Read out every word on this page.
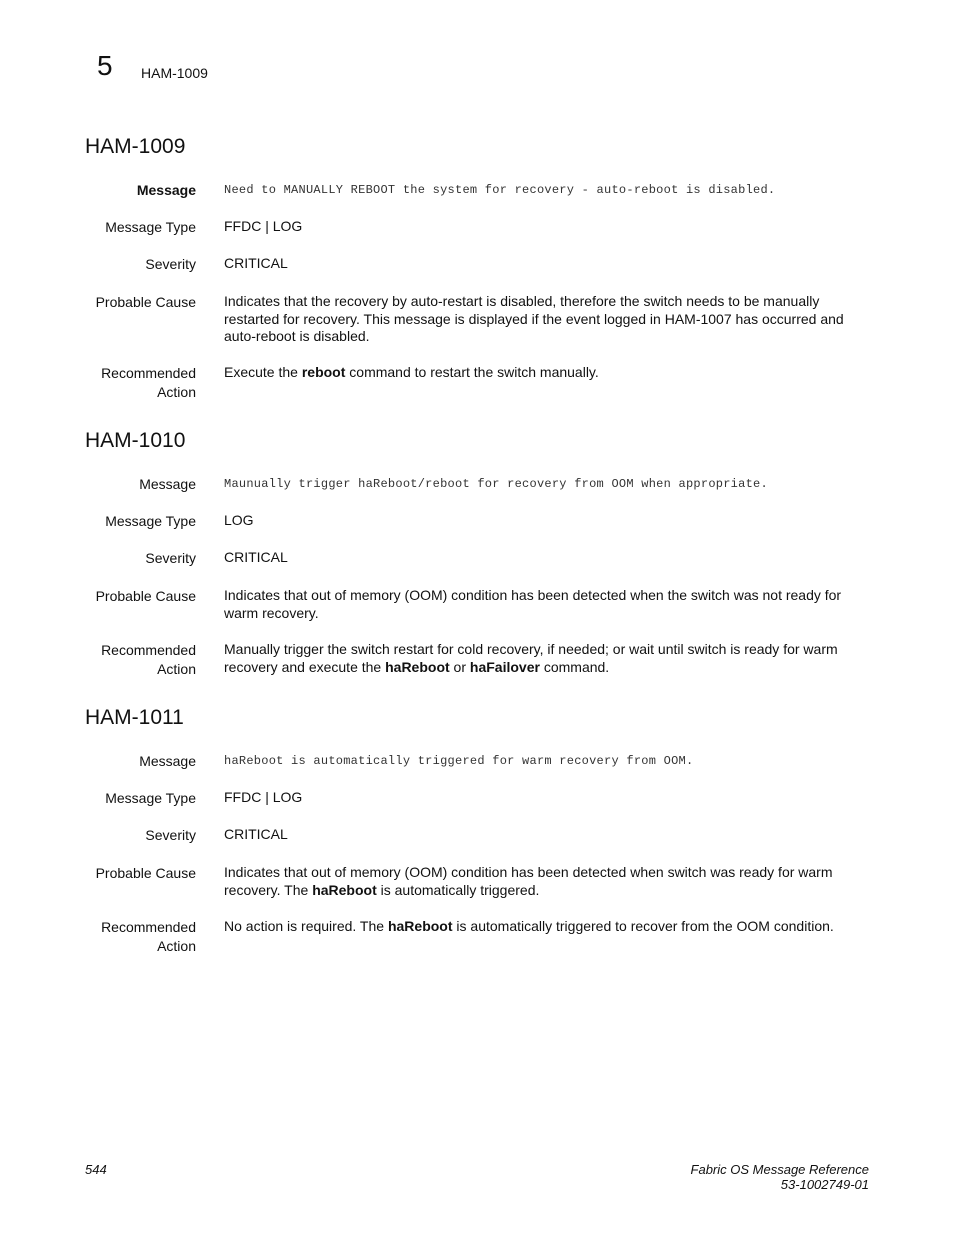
5 HAM-1009
HAM-1009
Message Need to MANUALLY REBOOT the system for recovery - auto-reboot is disabled.
Message Type FFDC | LOG
Severity CRITICAL
Probable Cause Indicates that the recovery by auto-restart is disabled, therefore the switch needs to be manually restarted for recovery. This message is displayed if the event logged in HAM-1007 has occurred and auto-reboot is disabled.
Recommended
Action
Execute the reboot command to restart the switch manually.
HAM-1010
Message Maunually trigger haReboot/reboot for recovery from OOM when appropriate.
Message Type LOG
Severity CRITICAL
Probable Cause Indicates that out of memory (OOM) condition has been detected when the switch was not ready for warm recovery.
Recommended
Action
Manually trigger the switch restart for cold recovery, if needed; or wait until switch is ready for warm recovery and execute the haReboot or haFailover command.
HAM-1011
Message haReboot is automatically triggered for warm recovery from OOM.
Message Type FFDC | LOG
Severity CRITICAL
Probable Cause Indicates that out of memory (OOM) condition has been detected when switch was ready for warm recovery. The haReboot is automatically triggered.
Recommended
Action
No action is required. The haReboot is automatically triggered to recover from the OOM condition.
544	Fabric OS Message Reference
53-1002749-01
